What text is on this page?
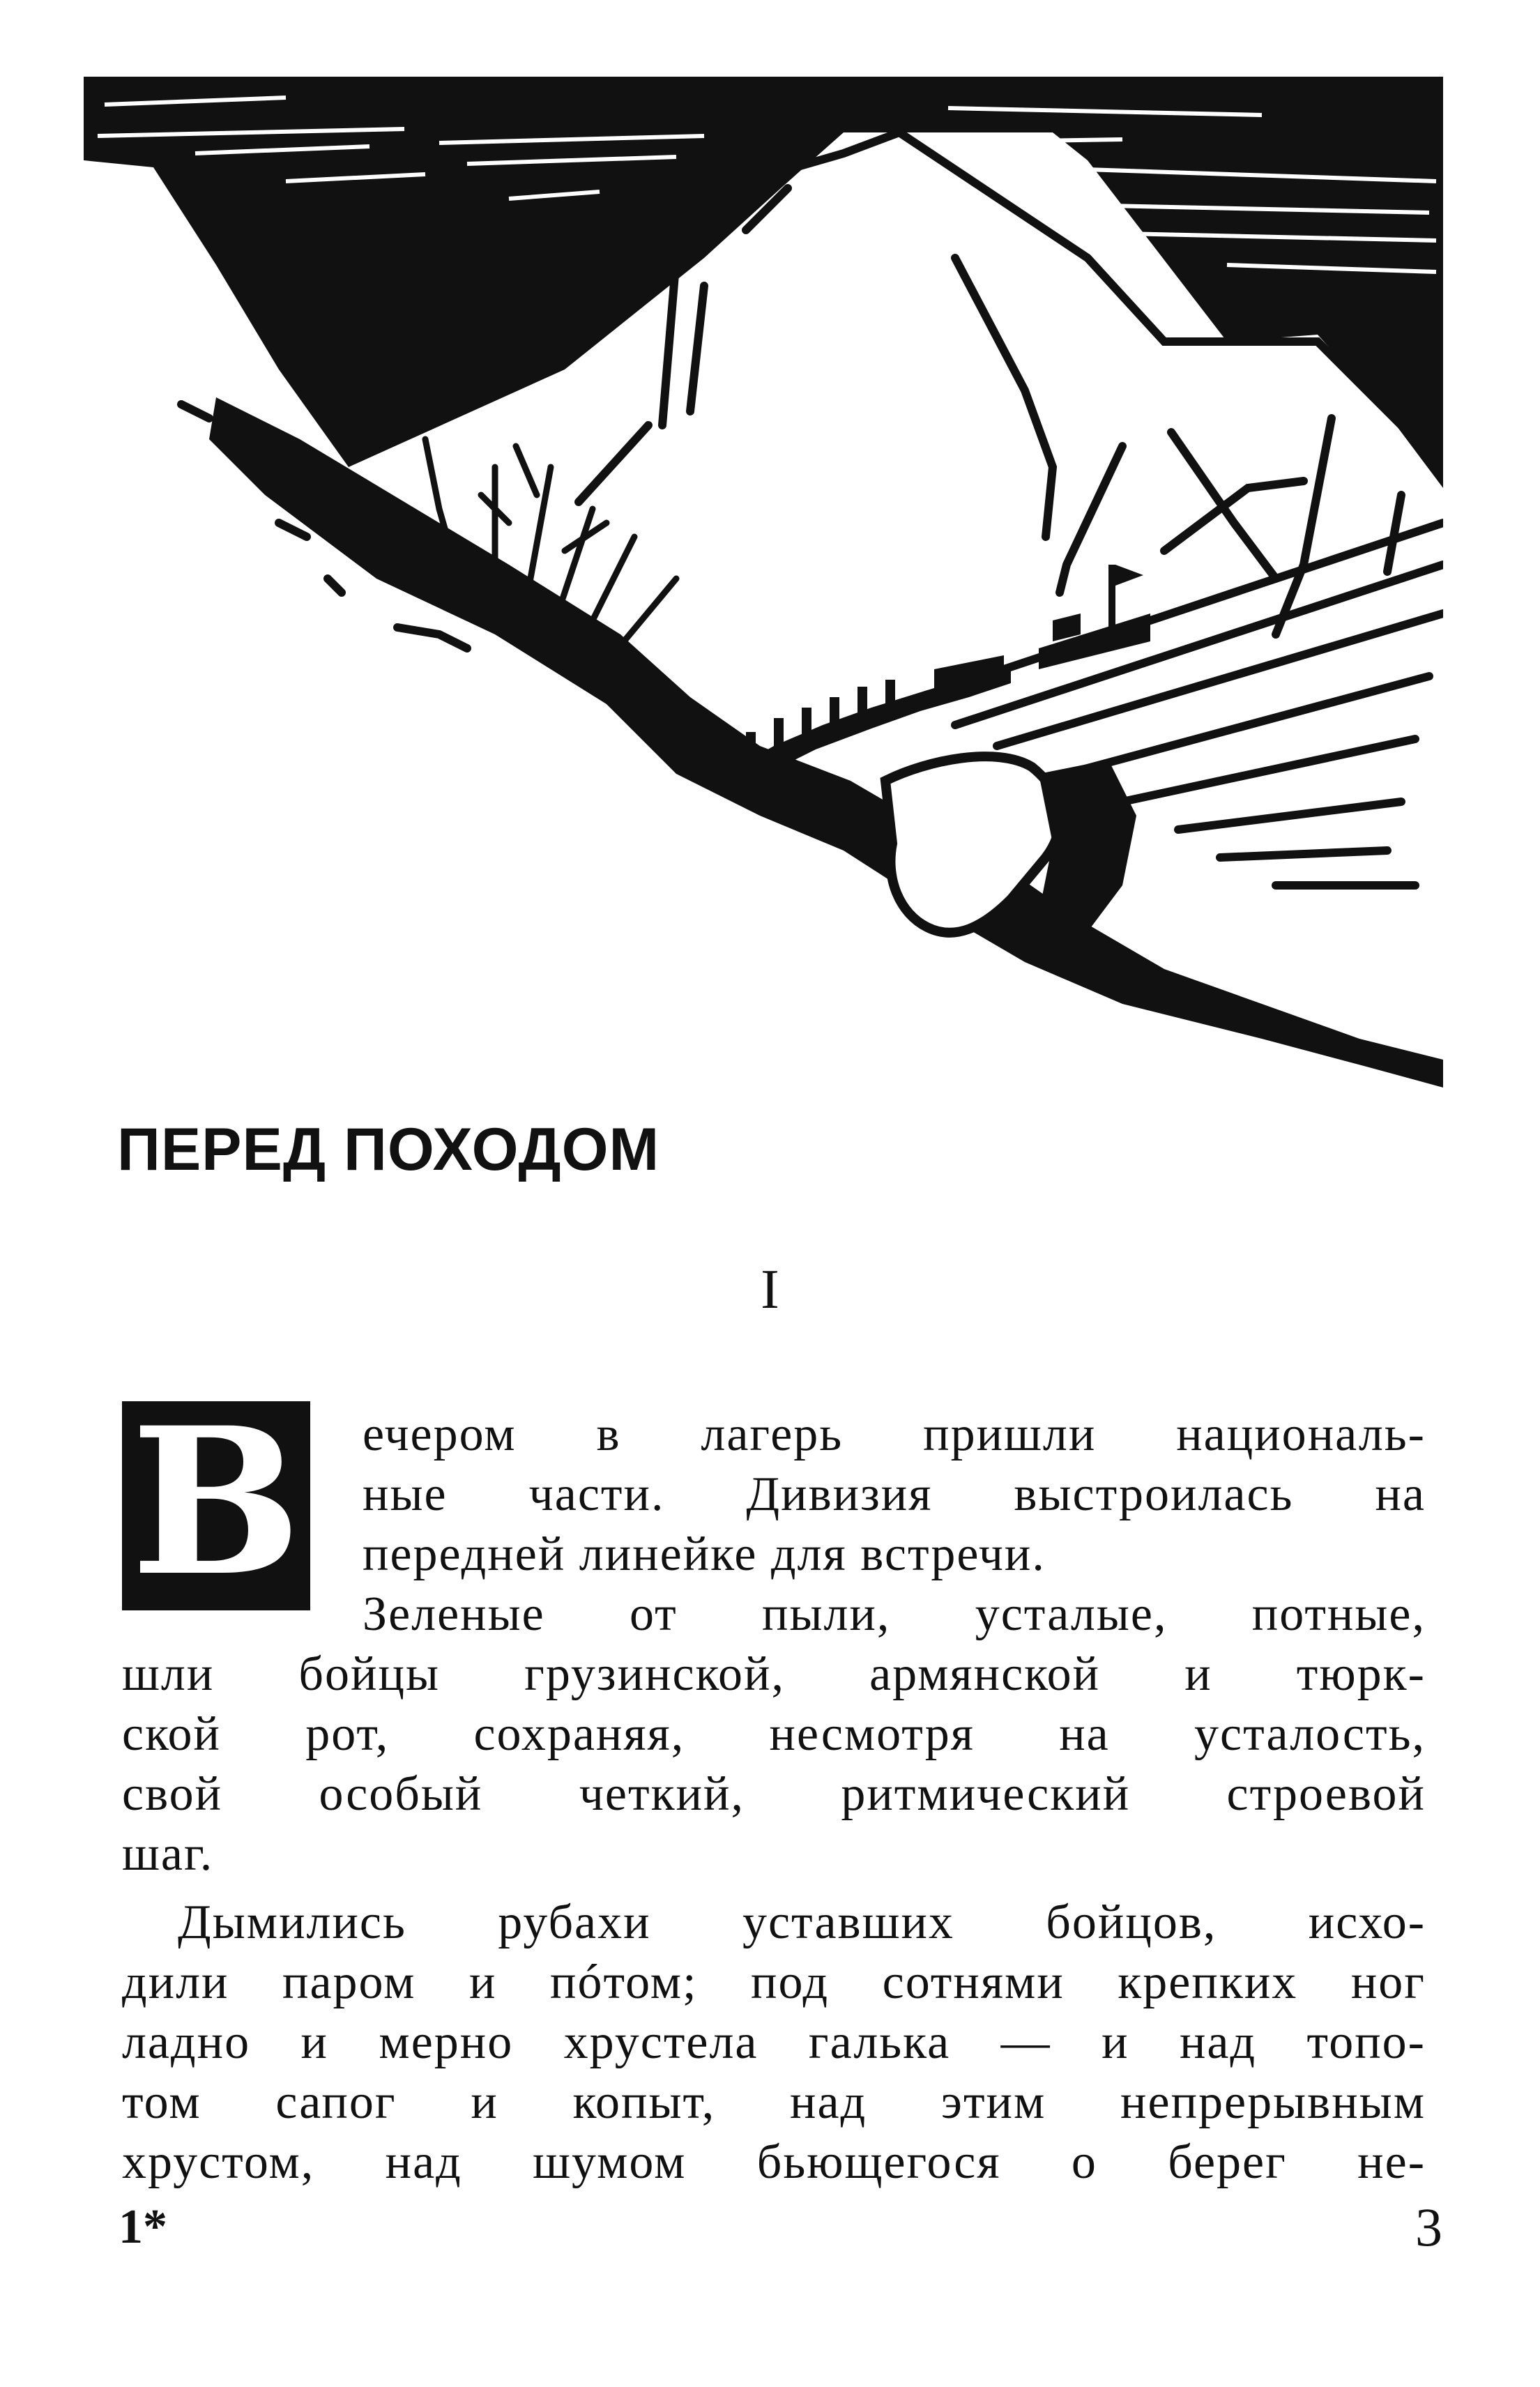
ПЕРЕД ПОХОДОМ
I
В ечером в лагерь пришли националь-
ные части. Дивизия выстроилась на
передней линейке для встречи.
Зеленые от пыли, усталые, потные,
шли бойцы грузинской, армянской и тюрк-
ской рот, сохраняя, несмотря на усталость,
свой особый четкий, ритмический строевой
шаг.
Дымились рубахи уставших бойцов, исхо-
дили паром и пóтом; под сотнями крепких ног
ладно и мерно хрустела галька — и над топо-
том сапог и копыт, над этим непрерывным
хрустом, над шумом бьющегося о берег не-
1*	3
